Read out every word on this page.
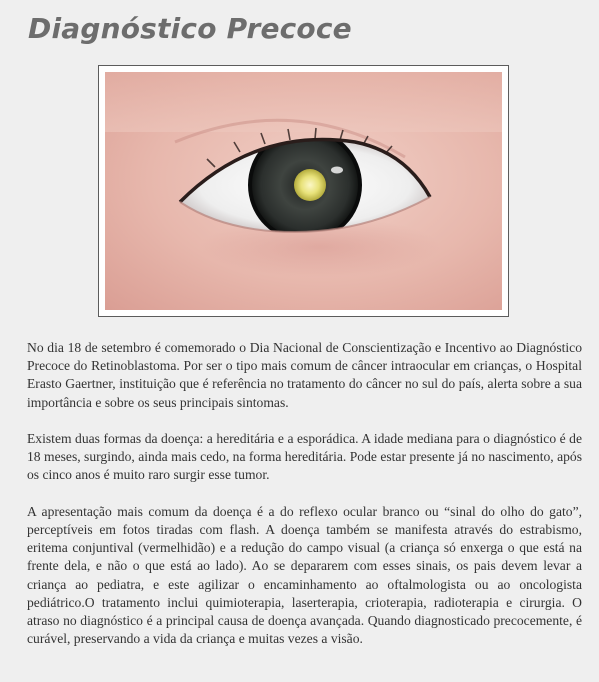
Diagnóstico Precoce

No dia 18 de setembro é comemorado o Dia Nacional de Conscientização e Incentivo ao Diagnóstico Precoce do Retinoblastoma. Por ser o tipo mais comum de câncer intraocular em crianças, o Hospital Erasto Gaertner, instituição que é referência no tratamento do câncer no sul do país, alerta sobre a sua importância e sobre os seus principais sintomas.

Existem duas formas da doença: a hereditária e a esporádica. A idade mediana para o diagnóstico é de 18 meses, surgindo, ainda mais cedo, na forma hereditária. Pode estar presente já no nascimento, após os cinco anos é muito raro surgir esse tumor.

A apresentação mais comum da doença é a do reflexo ocular branco ou “sinal do olho do gato”, perceptíveis em fotos tiradas com flash. A doença também se manifesta através do estrabismo, eritema conjuntival (vermelhidão) e a redução do campo visual (a criança só enxerga o que está na frente dela, e não o que está ao lado). Ao se depararem com esses sinais, os pais devem levar a criança ao pediatra, e este agilizar o encaminhamento ao oftalmologista ou ao oncologista pediátrico.O tratamento inclui quimioterapia, laserterapia, crioterapia, radioterapia e cirurgia. O atraso no diagnóstico é a principal causa de doença avançada. Quando diagnosticado precocemente, é curável, preservando a vida da criança e muitas vezes a visão.
